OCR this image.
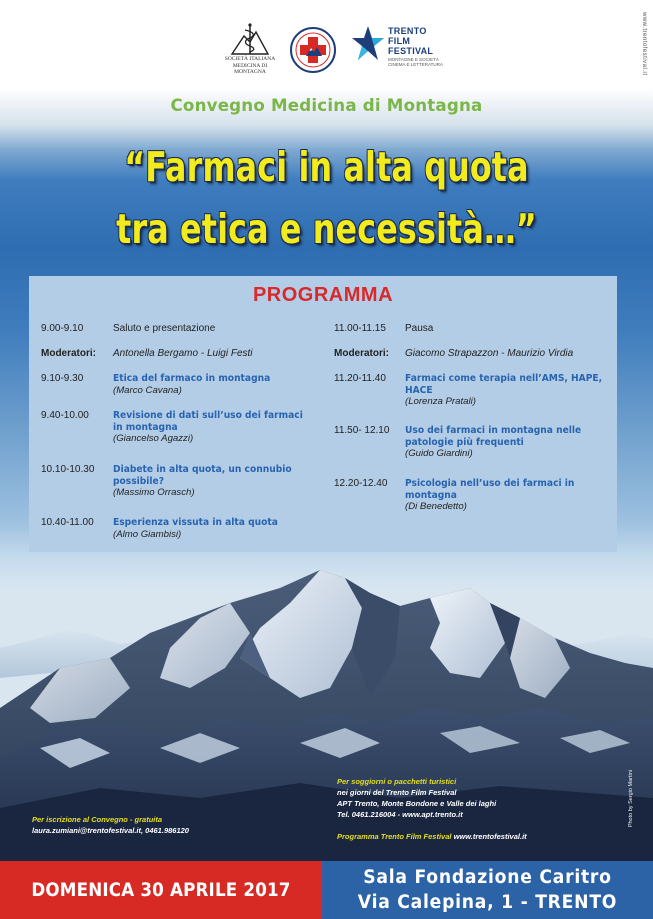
SOCIETÀ ITALIANA
MEDICINA DI MONTAGNA
TRENTO
FILM
FESTIVAL
MONTAGNE E SOCIETÀ
CINEMA E LETTERATURA	www.trentofestival.it
Convegno Medicina di Montagna
“Farmaci in alta quota
tra etica e necessità…”
PROGRAMMA
9.00-9.10	Saluto e presentazione
Moderatori:	Antonella Bergamo - Luigi Festi
9.10-9.30	Etica del farmaco in montagna
(Marco Cavana)
9.40-10.00	Revisione di dati sull’uso dei farmaci in montagna
(Giancelso Agazzi)
10.10-10.30	Diabete in alta quota, un connubio possibile?
(Massimo Orrasch)
10.40-11.00	Esperienza vissuta in alta quota
(Almo Giambisi)
11.00-11.15	Pausa
Moderatori:	Giacomo Strapazzon - Maurizio Virdia
11.20-11.40	Farmaci come terapia nell’AMS, HAPE, HACE
(Lorenza Pratali)
11.50- 12.10	Uso dei farmaci in montagna nelle patologie più frequenti
(Guido Giardini)
12.20-12.40	Psicologia nell’uso dei farmaci in montagna
(Di Benedetto)
Per soggiorni o pacchetti turistici
nei giorni del Trento Film Festival
APT Trento, Monte Bondone e Valle dei laghi
Tel. 0461.216004 - www.apt.trento.it
Programma Trento Film Festival www.trentofestival.it
Per iscrizione al Convegno - gratuita
laura.zumiani@trentofestival.it, 0461.986120
Photo by Sergio Martini
DOMENICA 30 APRILE 2017
Sala Fondazione Caritro
Via Calepina, 1 - TRENTO
